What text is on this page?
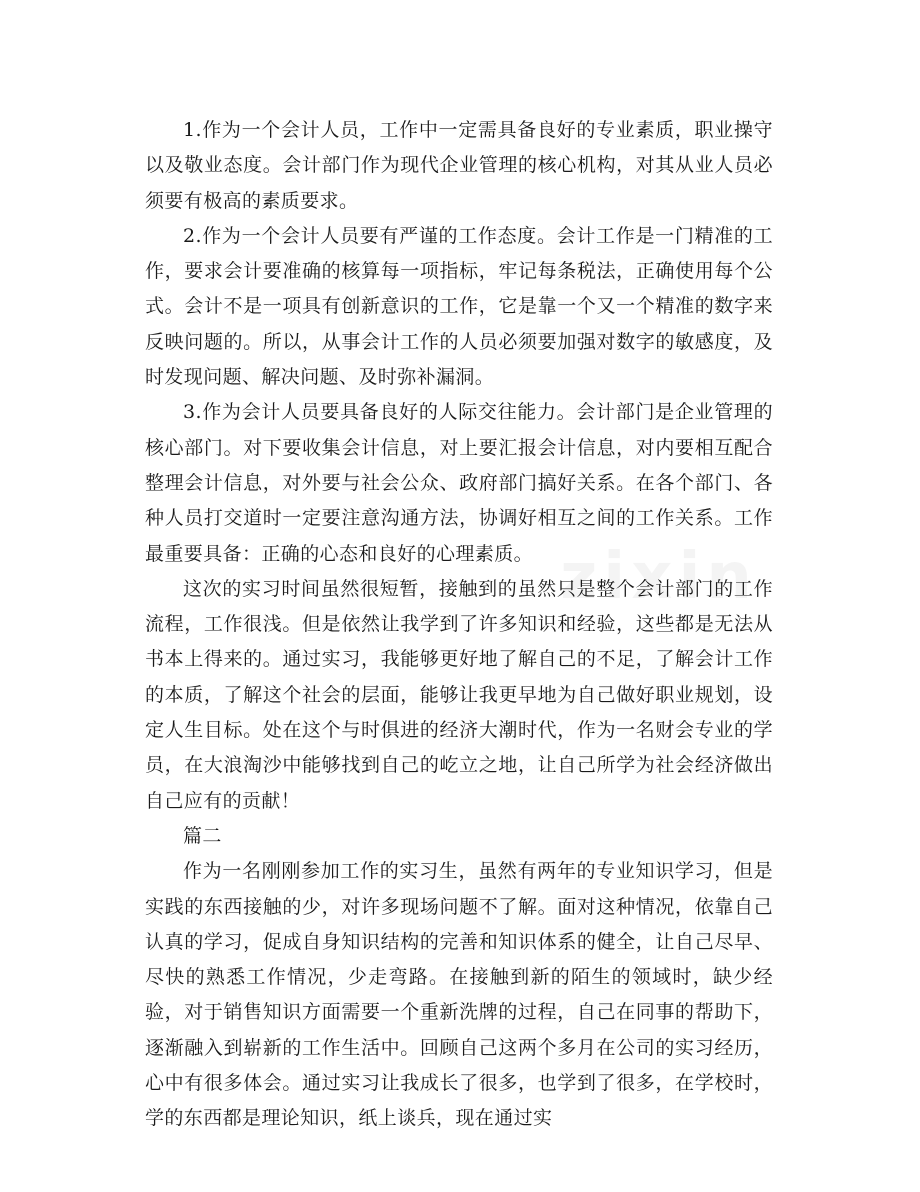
1.作为一个会计人员，工作中一定需具备良好的专业素质，职业操守以及敬业态度。会计部门作为现代企业管理的核心机构，对其从业人员必须要有极高的素质要求。

2.作为一个会计人员要有严谨的工作态度。会计工作是一门精准的工作，要求会计要准确的核算每一项指标，牢记每条税法，正确使用每个公式。会计不是一项具有创新意识的工作，它是靠一个又一个精准的数字来反映问题的。所以，从事会计工作的人员必须要加强对数字的敏感度，及时发现问题、解决问题、及时弥补漏洞。

3.作为会计人员要具备良好的人际交往能力。会计部门是企业管理的核心部门。对下要收集会计信息，对上要汇报会计信息，对内要相互配合整理会计信息，对外要与社会公众、政府部门搞好关系。在各个部门、各种人员打交道时一定要注意沟通方法，协调好相互之间的工作关系。工作最重要具备：正确的心态和良好的心理素质。

这次的实习时间虽然很短暂，接触到的虽然只是整个会计部门的工作流程，工作很浅。但是依然让我学到了许多知识和经验，这些都是无法从书本上得来的。通过实习，我能够更好地了解自己的不足，了解会计工作的本质，了解这个社会的层面，能够让我更早地为自己做好职业规划，设定人生目标。处在这个与时俱进的经济大潮时代，作为一名财会专业的学员，在大浪淘沙中能够找到自己的屹立之地，让自己所学为社会经济做出自己应有的贡献！

篇二

作为一名刚刚参加工作的实习生，虽然有两年的专业知识学习，但是实践的东西接触的少，对许多现场问题不了解。面对这种情况，依靠自己认真的学习，促成自身知识结构的完善和知识体系的健全，让自己尽早、尽快的熟悉工作情况，少走弯路。在接触到新的陌生的领域时，缺少经验，对于销售知识方面需要一个重新洗牌的过程，自己在同事的帮助下，逐渐融入到崭新的工作生活中。回顾自己这两个多月在公司的实习经历，心中有很多体会。通过实习让我成长了很多，也学到了很多，在学校时，学的东西都是理论知识，纸上谈兵，现在通过实
